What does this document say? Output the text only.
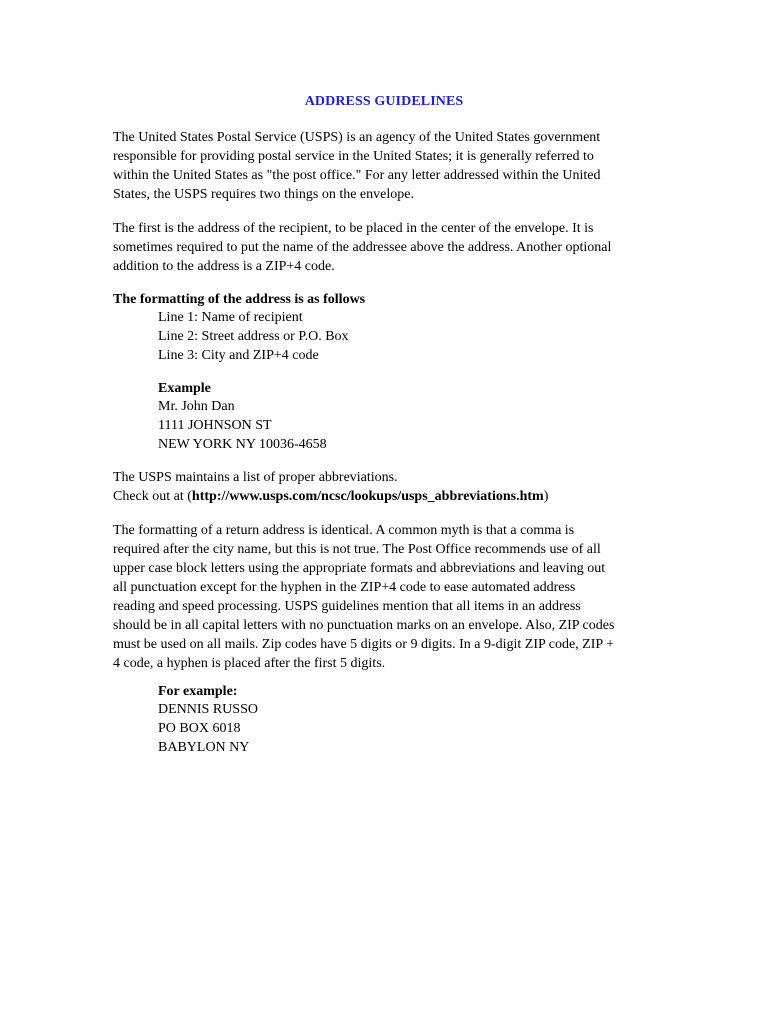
ADDRESS GUIDELINES
The United States Postal Service (USPS) is an agency of the United States government
responsible for providing postal service in the United States; it is generally referred to
within the United States as "the post office." For any letter addressed within the United
States, the USPS requires two things on the envelope.
The first is the address of the recipient, to be placed in the center of the envelope. It is
sometimes required to put the name of the addressee above the address. Another optional
addition to the address is a ZIP+4 code.
The formatting of the address is as follows
Line 1: Name of recipient
Line 2: Street address or P.O. Box
Line 3: City and ZIP+4 code
Example
Mr. John Dan
1111 JOHNSON ST
NEW YORK NY 10036-4658
The USPS maintains a list of proper abbreviations.
Check out at (http://www.usps.com/ncsc/lookups/usps_abbreviations.htm)
The formatting of a return address is identical. A common myth is that a comma is
required after the city name, but this is not true. The Post Office recommends use of all
upper case block letters using the appropriate formats and abbreviations and leaving out
all punctuation except for the hyphen in the ZIP+4 code to ease automated address
reading and speed processing. USPS guidelines mention that all items in an address
should be in all capital letters with no punctuation marks on an envelope. Also, ZIP codes
must be used on all mails. Zip codes have 5 digits or 9 digits. In a 9-digit ZIP code, ZIP +
4 code, a hyphen is placed after the first 5 digits.
For example:
DENNIS RUSSO
PO BOX 6018
BABYLON NY
